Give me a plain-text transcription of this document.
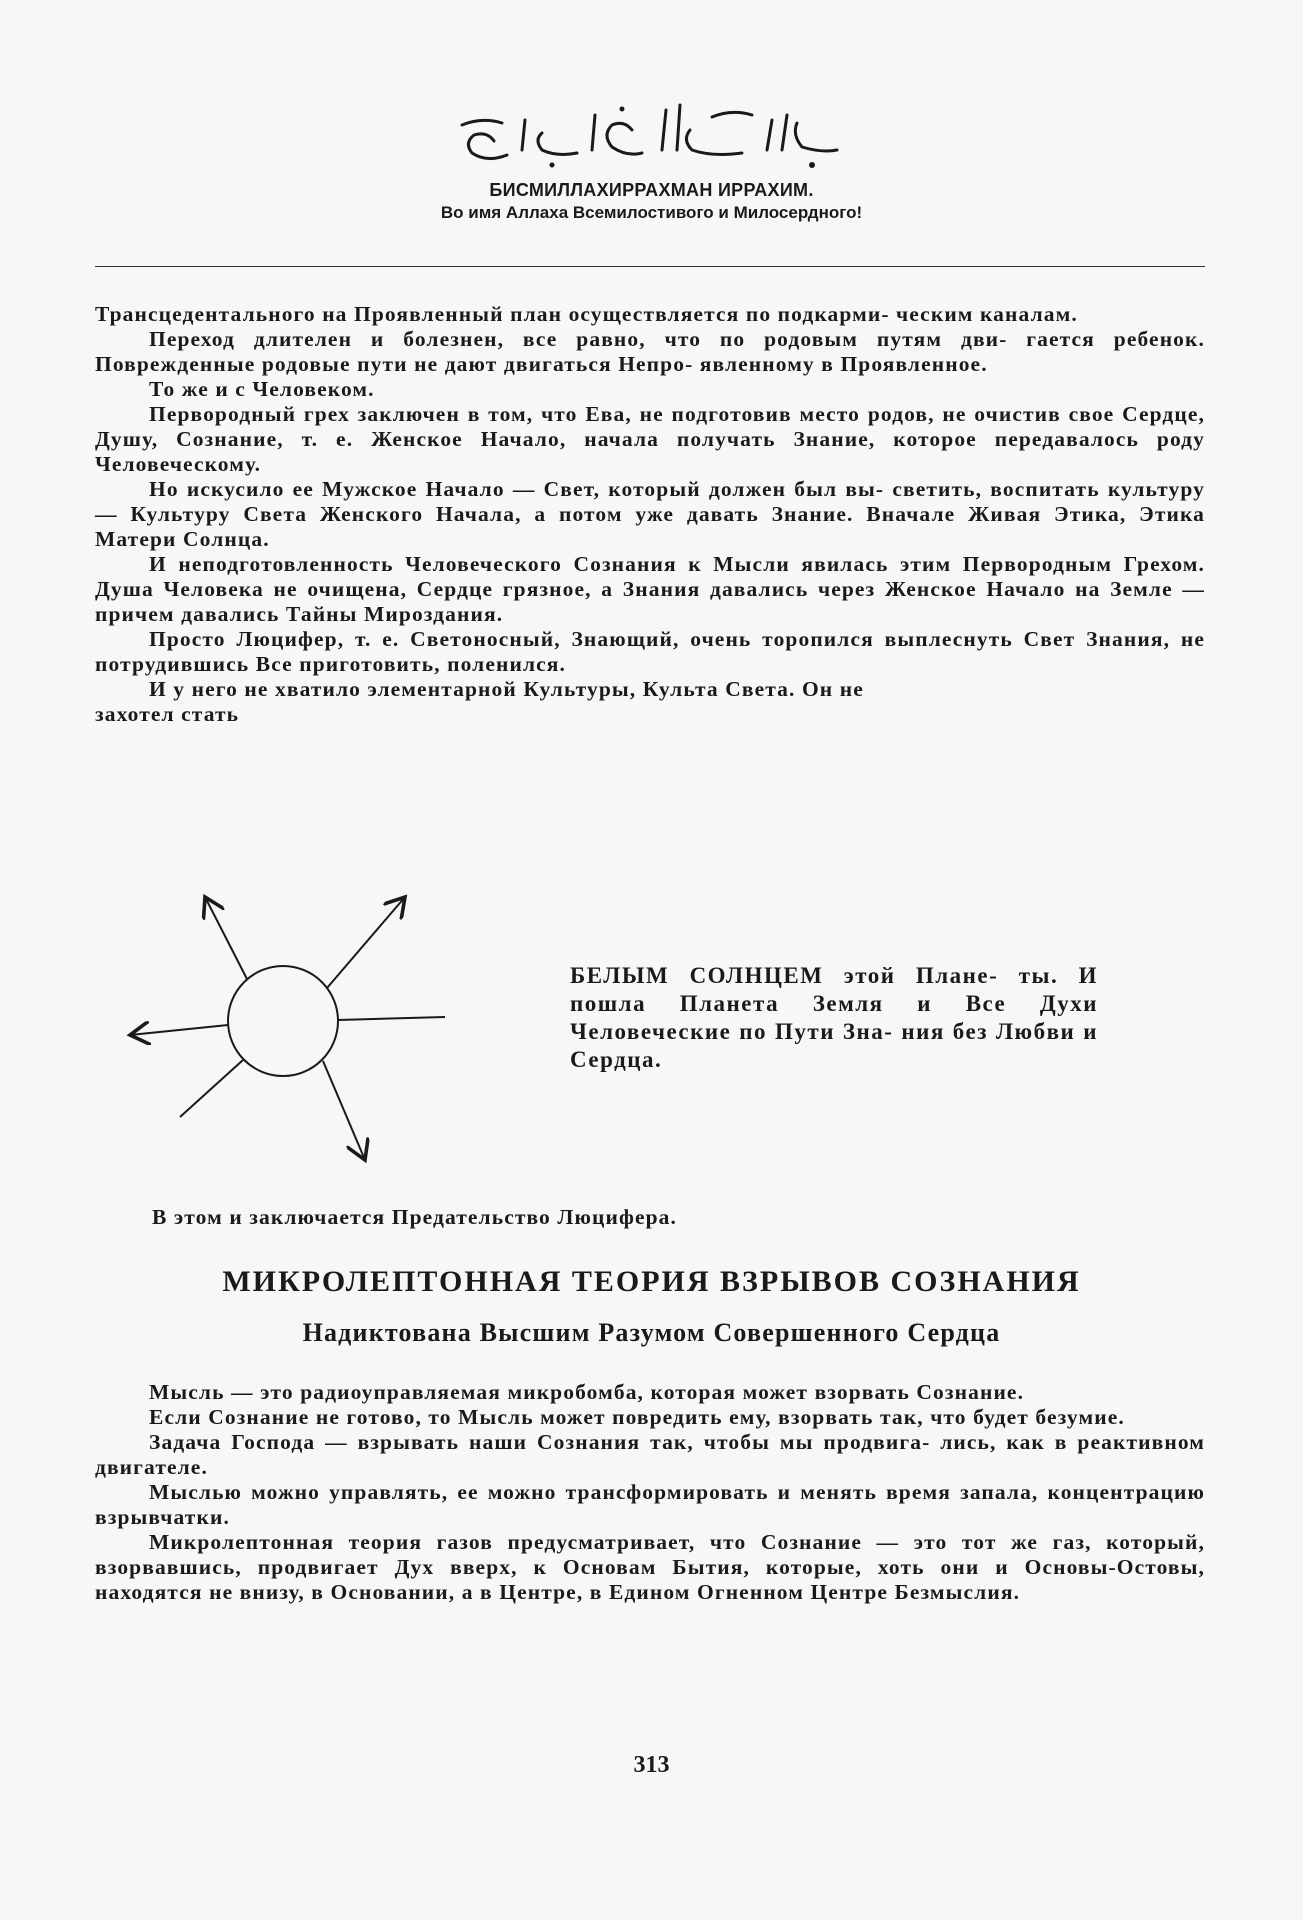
БИСМИЛЛАХИРРАХМАН ИРРАХИМ.
Во имя Аллаха Всемилостивого и Милосердного!

Трансцедентального на Проявленный план осуществляется по подкарми- ческим каналам.

Переход длителен и болезнен, все равно, что по родовым путям дви- гается ребенок. Поврежденные родовые пути не дают двигаться Непро- явленному в Проявленное.

То же и с Человеком.

Первородный грех заключен в том, что Ева, не подготовив место родов, не очистив свое Сердце, Душу, Сознание, т. е. Женское Начало, начала получать Знание, которое передавалось роду Человеческому.

Но искусило ее Мужское Начало — Свет, который должен был вы- светить, воспитать культуру — Культуру Света Женского Начала, а потом уже давать Знание. Вначале Живая Этика, Этика Матери Солнца.

И неподготовленность Человеческого Сознания к Мысли явилась этим Первородным Грехом. Душа Человека не очищена, Сердце грязное, а Знания давались через Женское Начало на Земле — причем давались Тайны Мироздания.

Просто Люцифер, т. е. Светоносный, Знающий, очень торопился выплеснуть Свет Знания, не потрудившись Все приготовить, поленился.

И у него не хватило элементарной Культуры, Культа Света. Он не

захотел стать

БЕЛЫМ СОЛНЦЕМ этой Плане- ты. И пошла Планета Земля и Все Духи Человеческие по Пути Зна- ния без Любви и Сердца.

В этом и заключается Предательство Люцифера.

МИКРОЛЕПТОННАЯ ТЕОРИЯ ВЗРЫВОВ СОЗНАНИЯ
Надиктована Высшим Разумом Совершенного Сердца

Мысль — это радиоуправляемая микробомба, которая может взорвать Сознание.

Если Сознание не готово, то Мысль может повредить ему, взорвать так, что будет безумие.

Задача Господа — взрывать наши Сознания так, чтобы мы продвига- лись, как в реактивном двигателе.

Мыслью можно управлять, ее можно трансформировать и менять время запала, концентрацию взрывчатки.

Микролептонная теория газов предусматривает, что Сознание — это тот же газ, который, взорвавшись, продвигает Дух вверх, к Основам Бытия, которые, хоть они и Основы-Остовы, находятся не внизу, в Основании, а в Центре, в Едином Огненном Центре Безмыслия.

313
